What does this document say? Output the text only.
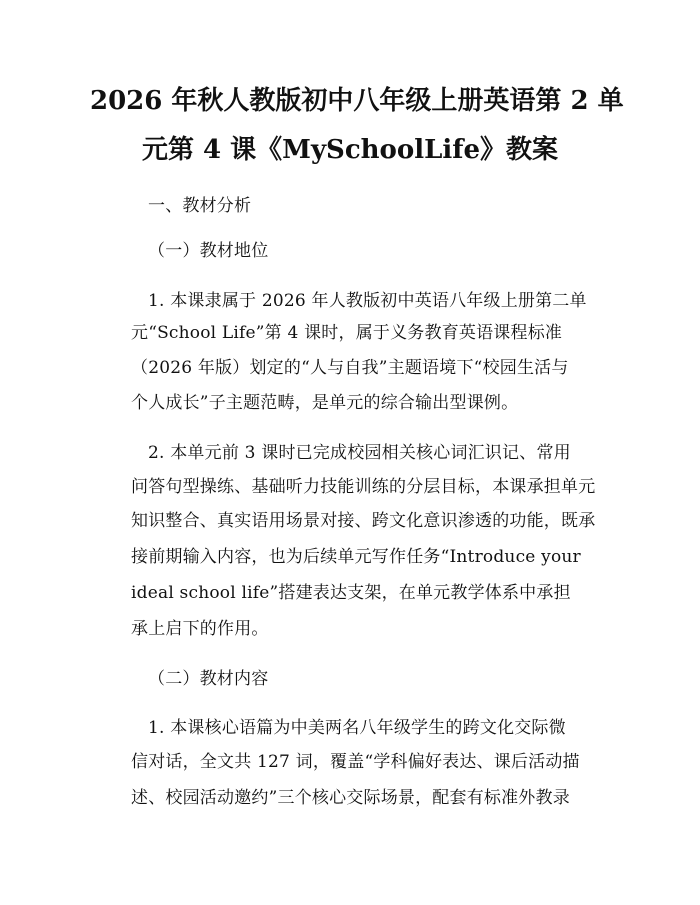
2026 年秋人教版初中八年级上册英语第 2 单
元第 4 课《MySchoolLife》教案
一、教材分析
（一）教材地位
1. 本课隶属于 2026 年人教版初中英语八年级上册第二单
元“School Life”第 4 课时，属于义务教育英语课程标准
（2026 年版）划定的“人与自我”主题语境下“校园生活与
个人成长”子主题范畴，是单元的综合输出型课例。
2. 本单元前 3 课时已完成校园相关核心词汇识记、常用
问答句型操练、基础听力技能训练的分层目标，本课承担单元
知识整合、真实语用场景对接、跨文化意识渗透的功能，既承
接前期输入内容，也为后续单元写作任务“Introduce your
ideal school life”搭建表达支架，在单元教学体系中承担
承上启下的作用。
（二）教材内容
1. 本课核心语篇为中美两名八年级学生的跨文化交际微
信对话，全文共 127 词，覆盖“学科偏好表达、课后活动描
述、校园活动邀约”三个核心交际场景，配套有标准外教录
